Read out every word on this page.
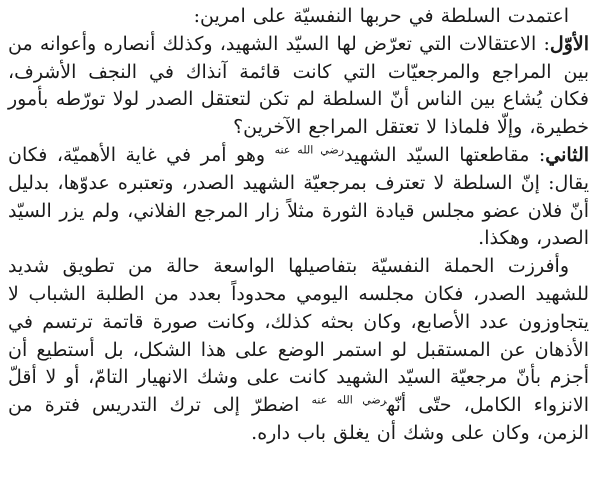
اعتمدت السلطة في حربها النفسيّة على امرين:

الأوّل: الاعتقالات التي تعرّض لها السيّد الشهيد، وكذلك أنصاره وأعوانه من بين المراجع والمرجعيّات التي كانت قائمة آنذاك في النجف الأشرف، فكان يُشاع بين الناس أنّ السلطة لم تكن لتعتقل الصدر لولا تورّطه بأمور خطيرة، وإلّا فلماذا لا تعتقل المراجع الآخرين؟

الثاني: مقاطعتها السيّد الشهيد$^{رضي الله عنه}$ وهو أمر في غاية الأهميّة، فكان يقال: إنّ السلطة لا تعترف بمرجعيّة الشهيد الصدر، وتعتبره عدوّها، بدليل أنّ فلان عضو مجلس قيادة الثورة مثلاً زار المرجع الفلاني، ولم يزر السيّد الصدر، وهكذا.

وأفرزت الحملة النفسيّة بتفاصيلها الواسعة حالة من تطويق شديد للشهيد الصدر، فكان مجلسه اليومي محدوداً بعدد من الطلبة الشباب لا يتجاوزون عدد الأصابع، وكان بحثه كذلك، وكانت صورة قاتمة ترتسم في الأذهان عن المستقبل لو استمر الوضع على هذا الشكل، بل أستطيع أن أجزم بأنّ مرجعيّة السيّد الشهيد كانت على وشك الانهيار التامّ، أو لا أقلّ الانزواء الكامل، حتّى أنّه$^{رضي الله عنه}$ اضطرّ إلى ترك التدريس فترة من الزمن، وكان على وشك أن يغلق باب داره.
